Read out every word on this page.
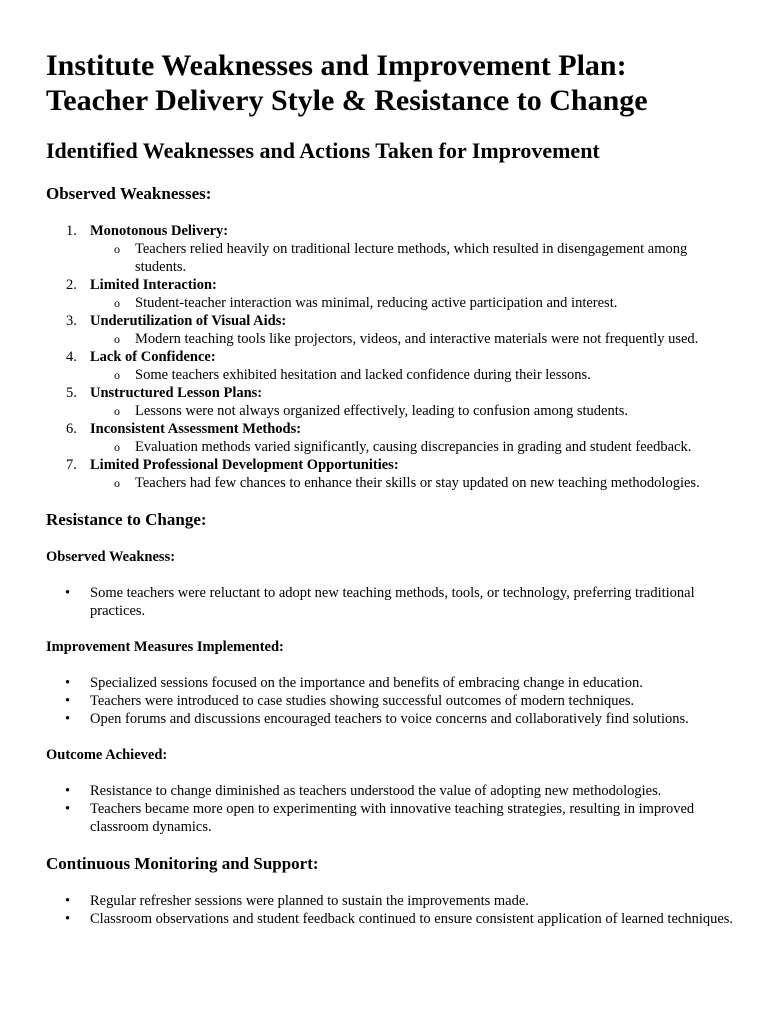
Institute Weaknesses and Improvement Plan:
Teacher Delivery Style & Resistance to Change
Identified Weaknesses and Actions Taken for Improvement
Observed Weaknesses:
1. Monotonous Delivery:
o Teachers relied heavily on traditional lecture methods, which resulted in disengagement among students.
2. Limited Interaction:
o Student-teacher interaction was minimal, reducing active participation and interest.
3. Underutilization of Visual Aids:
o Modern teaching tools like projectors, videos, and interactive materials were not frequently used.
4. Lack of Confidence:
o Some teachers exhibited hesitation and lacked confidence during their lessons.
5. Unstructured Lesson Plans:
o Lessons were not always organized effectively, leading to confusion among students.
6. Inconsistent Assessment Methods:
o Evaluation methods varied significantly, causing discrepancies in grading and student feedback.
7. Limited Professional Development Opportunities:
o Teachers had few chances to enhance their skills or stay updated on new teaching methodologies.
Resistance to Change:
Observed Weakness:
• Some teachers were reluctant to adopt new teaching methods, tools, or technology, preferring traditional practices.
Improvement Measures Implemented:
• Specialized sessions focused on the importance and benefits of embracing change in education.
• Teachers were introduced to case studies showing successful outcomes of modern techniques.
• Open forums and discussions encouraged teachers to voice concerns and collaboratively find solutions.
Outcome Achieved:
• Resistance to change diminished as teachers understood the value of adopting new methodologies.
• Teachers became more open to experimenting with innovative teaching strategies, resulting in improved classroom dynamics.
Continuous Monitoring and Support:
• Regular refresher sessions were planned to sustain the improvements made.
• Classroom observations and student feedback continued to ensure consistent application of learned techniques.
